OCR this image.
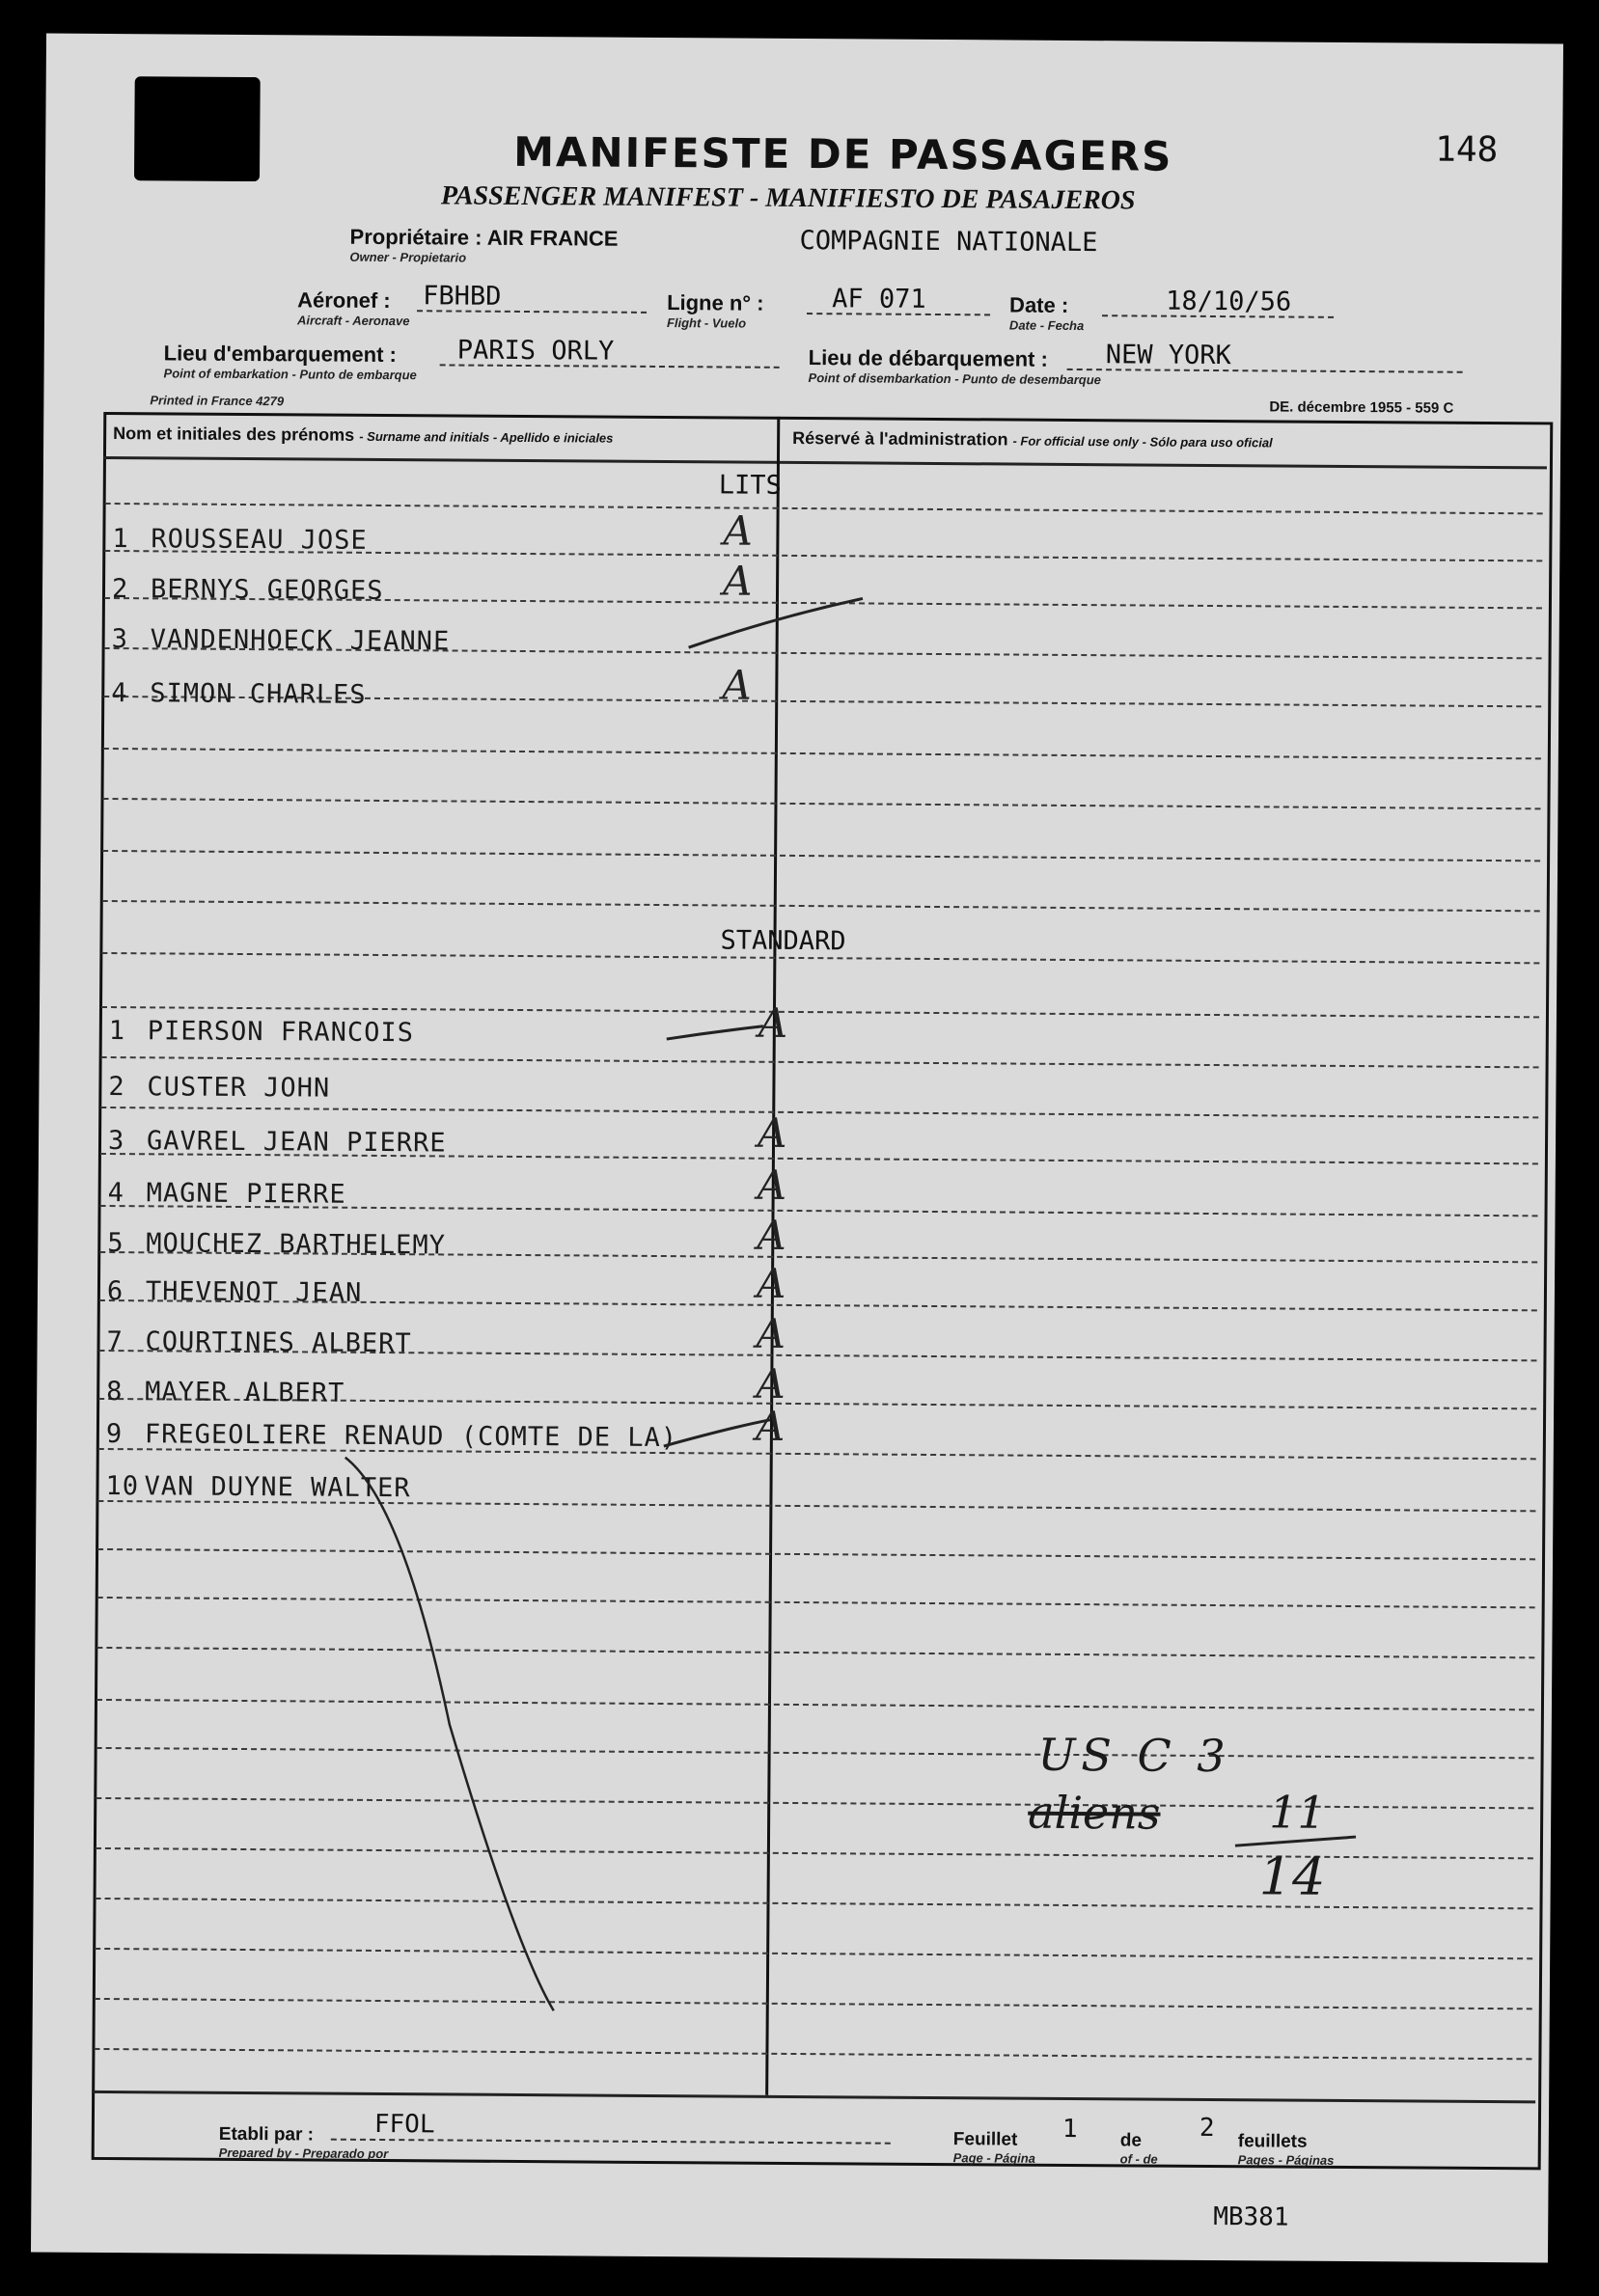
148
MANIFESTE DE PASSAGERS
PASSENGER MANIFEST - MANIFIESTO DE PASAJEROS
Propriétaire : AIR FRANCE
Owner - Propietario	COMPAGNIE NATIONALE
Aéronef :
Aircraft - Aeronave
FBHBD	Ligne n° :
Flight - Vuelo
AF 071	Date :
Date - Fecha
18/10/56
Lieu d'embarquement :
Point of embarkation - Punto de embarque
PARIS ORLY	Lieu de débarquement :
Point of disembarkation - Punto de desembarque
NEW YORK
Printed in France 4279	DE. décembre 1955 - 559 C
Nom et initiales des prénoms - Surname and initials - Apellido e iniciales	Réservé à l'administration - For official use only - Sólo para uso oficial
LITS
STANDARD
1 ROUSSEAU JOSE	A
2 BERNYS GEORGES	A
3 VANDENHOECK JEANNE
4 SIMON CHARLES	A
1 PIERSON FRANCOIS	A
2 CUSTER JOHN
3 GAVREL JEAN PIERRE	A
4 MAGNE PIERRE	A
5 MOUCHEZ BARTHELEMY	A
6 THEVENOT JEAN	A
7 COURTINES ALBERT	A
8 MAYER ALBERT	A
9 FREGEOLIERE RENAUD (COMTE DE LA) A
10 VAN DUYNE WALTER
US C 3
aliens 11
14
Etabli par :
Prepared by - Preparado por
FFOL
Feuillet
Page - Página
1 de
of - de
2 feuillets
Pages - Páginas
MB381
